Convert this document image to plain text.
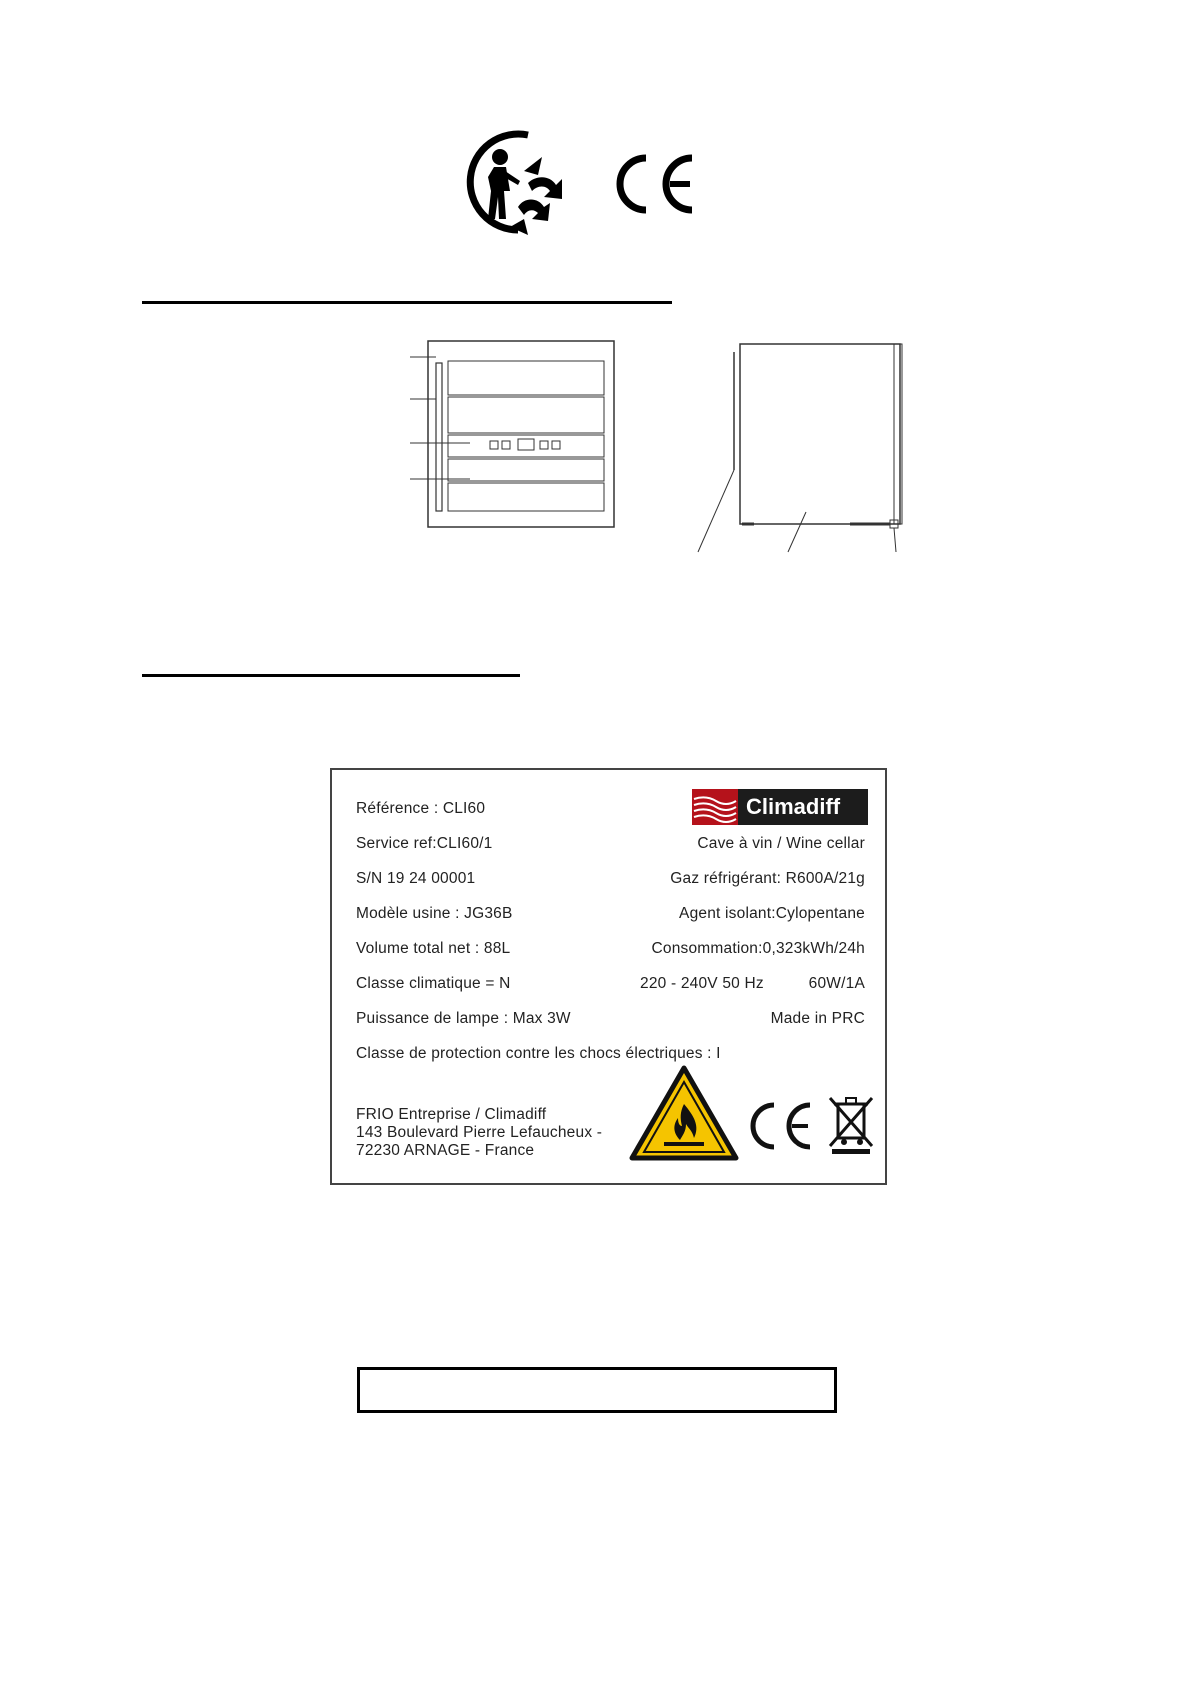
Climadiff
Référence : CLI60
Service ref:CLI60/1
S/N 19 24 00001
Modèle usine : JG36B
Volume total net : 88L
Classe climatique = N
Puissance de lampe : Max 3W
Cave à vin / Wine cellar
Gaz réfrigérant: R600A/21g
Agent isolant:Cylopentane
Consommation:0,323kWh/24h
220 - 240V 50 Hz	60W/1A
Made in PRC
Classe de protection contre les chocs électriques : I
FRIO Entreprise / Climadiff
143 Boulevard Pierre Lefaucheux -
72230 ARNAGE - France
